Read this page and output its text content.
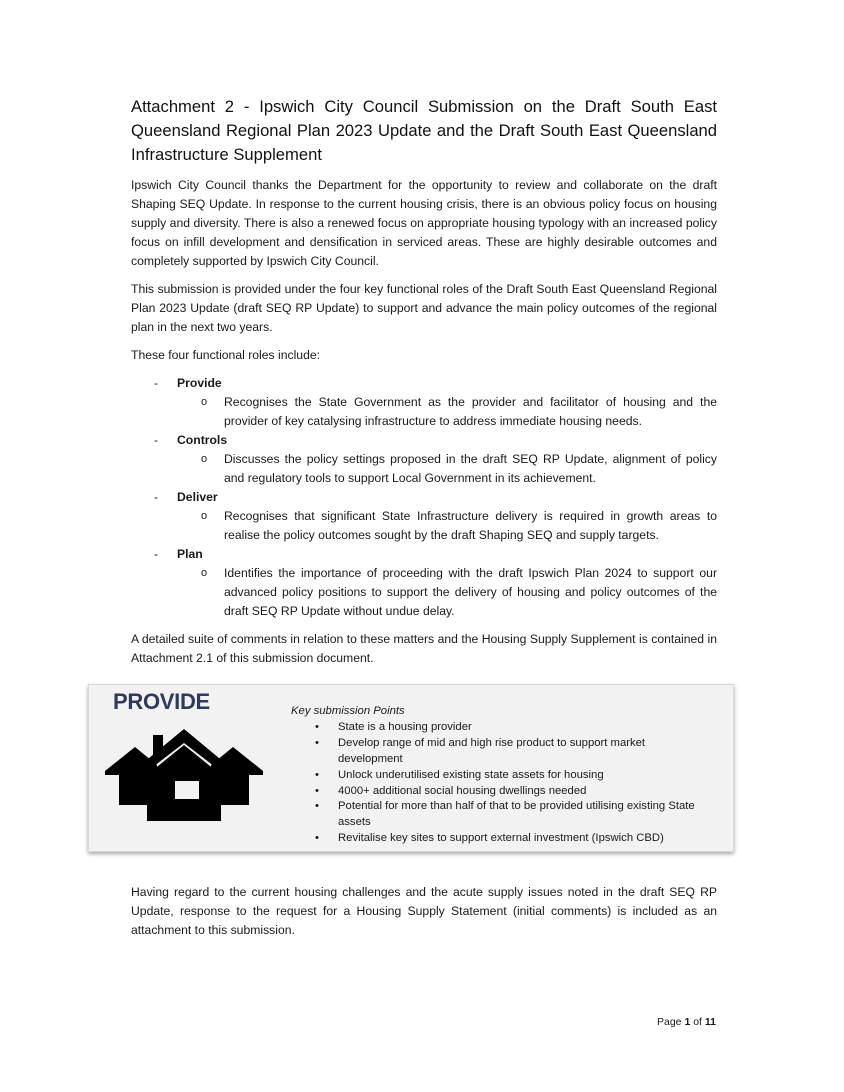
Attachment 2 - Ipswich City Council Submission on the Draft South East Queensland Regional Plan 2023 Update and the Draft South East Queensland Infrastructure Supplement

Ipswich City Council thanks the Department for the opportunity to review and collaborate on the draft Shaping SEQ Update. In response to the current housing crisis, there is an obvious policy focus on housing supply and diversity. There is also a renewed focus on appropriate housing typology with an increased policy focus on infill development and densification in serviced areas. These are highly desirable outcomes and completely supported by Ipswich City Council.

This submission is provided under the four key functional roles of the Draft South East Queensland Regional Plan 2023 Update (draft SEQ RP Update) to support and advance the main policy outcomes of the regional plan in the next two years.

These four functional roles include:

- Provide
o Recognises the State Government as the provider and facilitator of housing and the provider of key catalysing infrastructure to address immediate housing needs.
- Controls
o Discusses the policy settings proposed in the draft SEQ RP Update, alignment of policy and regulatory tools to support Local Government in its achievement.
- Deliver
o Recognises that significant State Infrastructure delivery is required in growth areas to realise the policy outcomes sought by the draft Shaping SEQ and supply targets.
- Plan
o Identifies the importance of proceeding with the draft Ipswich Plan 2024 to support our advanced policy positions to support the delivery of housing and policy outcomes of the draft SEQ RP Update without undue delay.

A detailed suite of comments in relation to these matters and the Housing Supply Supplement is contained in Attachment 2.1 of this submission document.

PROVIDE	Key submission Points
• State is a housing provider
• Develop range of mid and high rise product to support market development
• Unlock underutilised existing state assets for housing
• 4000+ additional social housing dwellings needed
• Potential for more than half of that to be provided utilising existing State assets
• Revitalise key sites to support external investment (Ipswich CBD)

Having regard to the current housing challenges and the acute supply issues noted in the draft SEQ RP Update, response to the request for a Housing Supply Statement (initial comments) is included as an attachment to this submission.

Page 1 of 11
